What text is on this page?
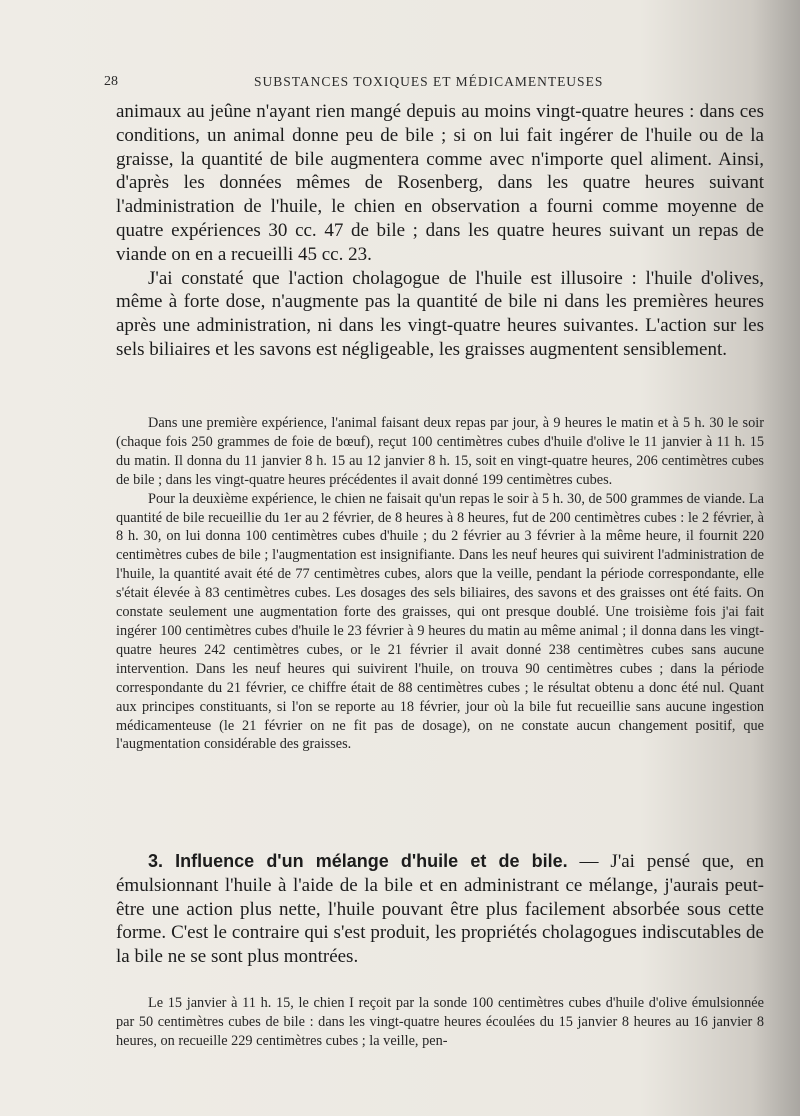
28	SUBSTANCES TOXIQUES ET MÉDICAMENTEUSES

animaux au jeûne n'ayant rien mangé depuis au moins vingt-quatre heures : dans ces conditions, un animal donne peu de bile ; si on lui fait ingérer de l'huile ou de la graisse, la quantité de bile augmentera comme avec n'importe quel aliment. Ainsi, d'après les données mêmes de Rosenberg, dans les quatre heures suivant l'administration de l'huile, le chien en observation a fourni comme moyenne de quatre expériences 30 cc. 47 de bile ; dans les quatre heures suivant un repas de viande on en a recueilli 45 cc. 23.

J'ai constaté que l'action cholagogue de l'huile est illusoire : l'huile d'olives, même à forte dose, n'augmente pas la quantité de bile ni dans les premières heures après une administration, ni dans les vingt-quatre heures suivantes. L'action sur les sels biliaires et les savons est négligeable, les graisses augmentent sensiblement.

Dans une première expérience, l'animal faisant deux repas par jour, à 9 heures le matin et à 5 h. 30 le soir (chaque fois 250 grammes de foie de bœuf), reçut 100 centimètres cubes d'huile d'olive le 11 janvier à 11 h. 15 du matin. Il donna du 11 janvier 8 h. 15 au 12 janvier 8 h. 15, soit en vingt-quatre heures, 206 centimètres cubes de bile ; dans les vingt-quatre heures précédentes il avait donné 199 centimètres cubes.

Pour la deuxième expérience, le chien ne faisait qu'un repas le soir à 5 h. 30, de 500 grammes de viande. La quantité de bile recueillie du 1er au 2 février, de 8 heures à 8 heures, fut de 200 centimètres cubes : le 2 février, à 8 h. 30, on lui donna 100 centimètres cubes d'huile ; du 2 février au 3 février à la même heure, il fournit 220 centimètres cubes de bile ; l'augmentation est insignifiante. Dans les neuf heures qui suivirent l'administration de l'huile, la quantité avait été de 77 centimètres cubes, alors que la veille, pendant la période correspondante, elle s'était élevée à 83 centimètres cubes. Les dosages des sels biliaires, des savons et des graisses ont été faits. On constate seulement une augmentation forte des graisses, qui ont presque doublé. Une troisième fois j'ai fait ingérer 100 centimètres cubes d'huile le 23 février à 9 heures du matin au même animal ; il donna dans les vingt-quatre heures 242 centimètres cubes, or le 21 février il avait donné 238 centimètres cubes sans aucune intervention. Dans les neuf heures qui suivirent l'huile, on trouva 90 centimètres cubes ; dans la période correspondante du 21 février, ce chiffre était de 88 centimètres cubes ; le résultat obtenu a donc été nul. Quant aux principes constituants, si l'on se reporte au 18 février, jour où la bile fut recueillie sans aucune ingestion médicamenteuse (le 21 février on ne fit pas de dosage), on ne constate aucun changement positif, que l'augmentation considérable des graisses.

3. Influence d'un mélange d'huile et de bile. — J'ai pensé que, en émulsionnant l'huile à l'aide de la bile et en administrant ce mélange, j'aurais peut-être une action plus nette, l'huile pouvant être plus facilement absorbée sous cette forme. C'est le contraire qui s'est produit, les propriétés cholagogues indiscutables de la bile ne se sont plus montrées.

Le 15 janvier à 11 h. 15, le chien I reçoit par la sonde 100 centimètres cubes d'huile d'olive émulsionnée par 50 centimètres cubes de bile : dans les vingt-quatre heures écoulées du 15 janvier 8 heures au 16 janvier 8 heures, on recueille 229 centimètres cubes ; la veille, pen-
